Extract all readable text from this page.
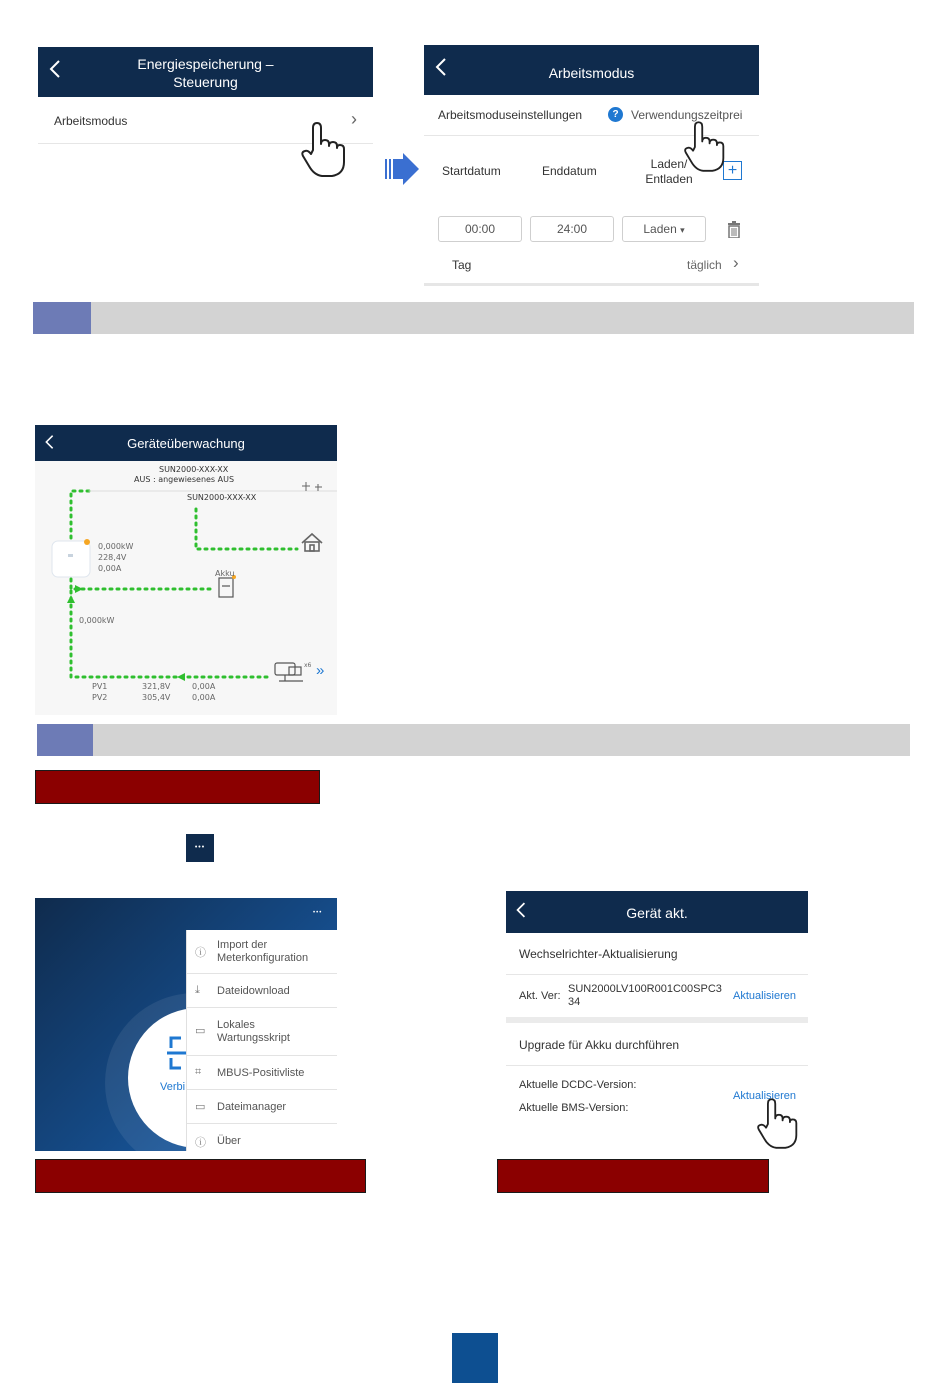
Energiespeicherung –
Steuerung
Arbeitsmodus	›
Arbeitsmodus
Arbeitsmoduseinstellungen	?	Verwendungszeitprei
Startdatum	Enddatum	Laden/
Entladen	+
00:00	24:00	Laden ▾
Tag	täglich ›
Geräteüberwachung
SUN2000-XXX-XX
AUS : angewiesenes AUS
SUN2000-XXX-XX
0,000kW
228,4V
0,00A
Akku
0,000kW
x6 »
PV1	321,8V	0,00A
PV2	305,4V	0,00A
•••
•••
Verbi
ⓘ
Import der
Meterkonfiguration
⤓ Dateidownload
▭ Lokales
Wartungsskript
⌗ MBUS-Positivliste
▭ Dateimanager
ⓘ Über
Gerät akt.
Wechselrichter-Aktualisierung
Akt. Ver:
SUN2000LV100R001C00SPC3
34	Aktualisieren
Upgrade für Akku durchführen
Aktuelle DCDC-Version:
Aktuelle BMS-Version:
Aktualisieren
